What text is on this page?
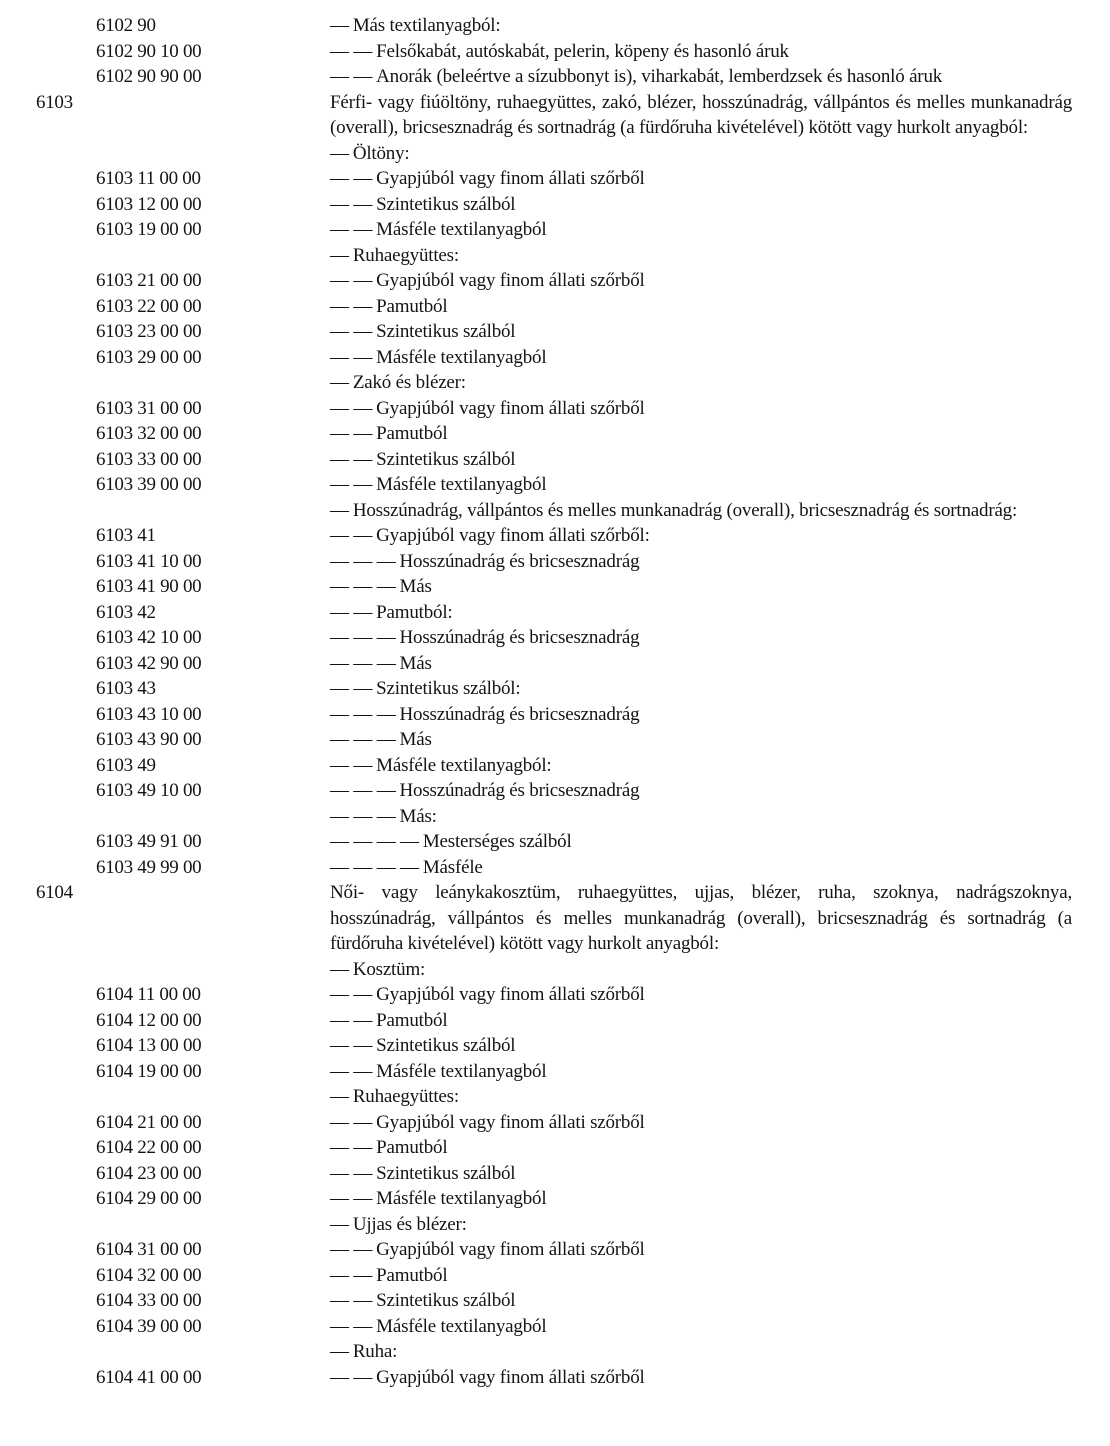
6102 90	— Más textilanyagból:
6102 90 10 00	— — Felsőkabát, autóskabát, pelerin, köpeny és hasonló áruk
6102 90 90 00	— — Anorák (beleértve a sízubbonyt is), viharkabát, lemberdzsek és hasonló áruk
6103	Férfi- vagy fiúöltöny, ruhaegyüttes, zakó, blézer, hosszúnadrág, vállpántos és melles munkanadrág (overall), bricsesznadrág és sortnadrág (a fürdőruha kivételével) kötött vagy hurkolt anyagból:
— Öltöny:
6103 11 00 00	— — Gyapjúból vagy finom állati szőrből
6103 12 00 00	— — Szintetikus szálból
6103 19 00 00	— — Másféle textilanyagból
— Ruhaegyüttes:
6103 21 00 00	— — Gyapjúból vagy finom állati szőrből
6103 22 00 00	— — Pamutból
6103 23 00 00	— — Szintetikus szálból
6103 29 00 00	— — Másféle textilanyagból
— Zakó és blézer:
6103 31 00 00	— — Gyapjúból vagy finom állati szőrből
6103 32 00 00	— — Pamutból
6103 33 00 00	— — Szintetikus szálból
6103 39 00 00	— — Másféle textilanyagból
— Hosszúnadrág, vállpántos és melles munkanadrág (overall), bricsesznadrág és sortnadrág:
6103 41	— — Gyapjúból vagy finom állati szőrből:
6103 41 10 00	— — — Hosszúnadrág és bricsesznadrág
6103 41 90 00	— — — Más
6103 42	— — Pamutból:
6103 42 10 00	— — — Hosszúnadrág és bricsesznadrág
6103 42 90 00	— — — Más
6103 43	— — Szintetikus szálból:
6103 43 10 00	— — — Hosszúnadrág és bricsesznadrág
6103 43 90 00	— — — Más
6103 49	— — Másféle textilanyagból:
6103 49 10 00	— — — Hosszúnadrág és bricsesznadrág
— — — Más:
6103 49 91 00	— — — — Mesterséges szálból
6103 49 99 00	— — — — Másféle
6104	Női- vagy leánykakosztüm, ruhaegyüttes, ujjas, blézer, ruha, szoknya, nadrágszoknya, hosszúnadrág, vállpántos és melles munkanadrág (overall), bricsesznadrág és sortnadrág (a fürdőruha kivételével) kötött vagy hurkolt anyagból:
— Kosztüm:
6104 11 00 00	— — Gyapjúból vagy finom állati szőrből
6104 12 00 00	— — Pamutból
6104 13 00 00	— — Szintetikus szálból
6104 19 00 00	— — Másféle textilanyagból
— Ruhaegyüttes:
6104 21 00 00	— — Gyapjúból vagy finom állati szőrből
6104 22 00 00	— — Pamutból
6104 23 00 00	— — Szintetikus szálból
6104 29 00 00	— — Másféle textilanyagból
— Ujjas és blézer:
6104 31 00 00	— — Gyapjúból vagy finom állati szőrből
6104 32 00 00	— — Pamutból
6104 33 00 00	— — Szintetikus szálból
6104 39 00 00	— — Másféle textilanyagból
— Ruha:
6104 41 00 00	— — Gyapjúból vagy finom állati szőrből
